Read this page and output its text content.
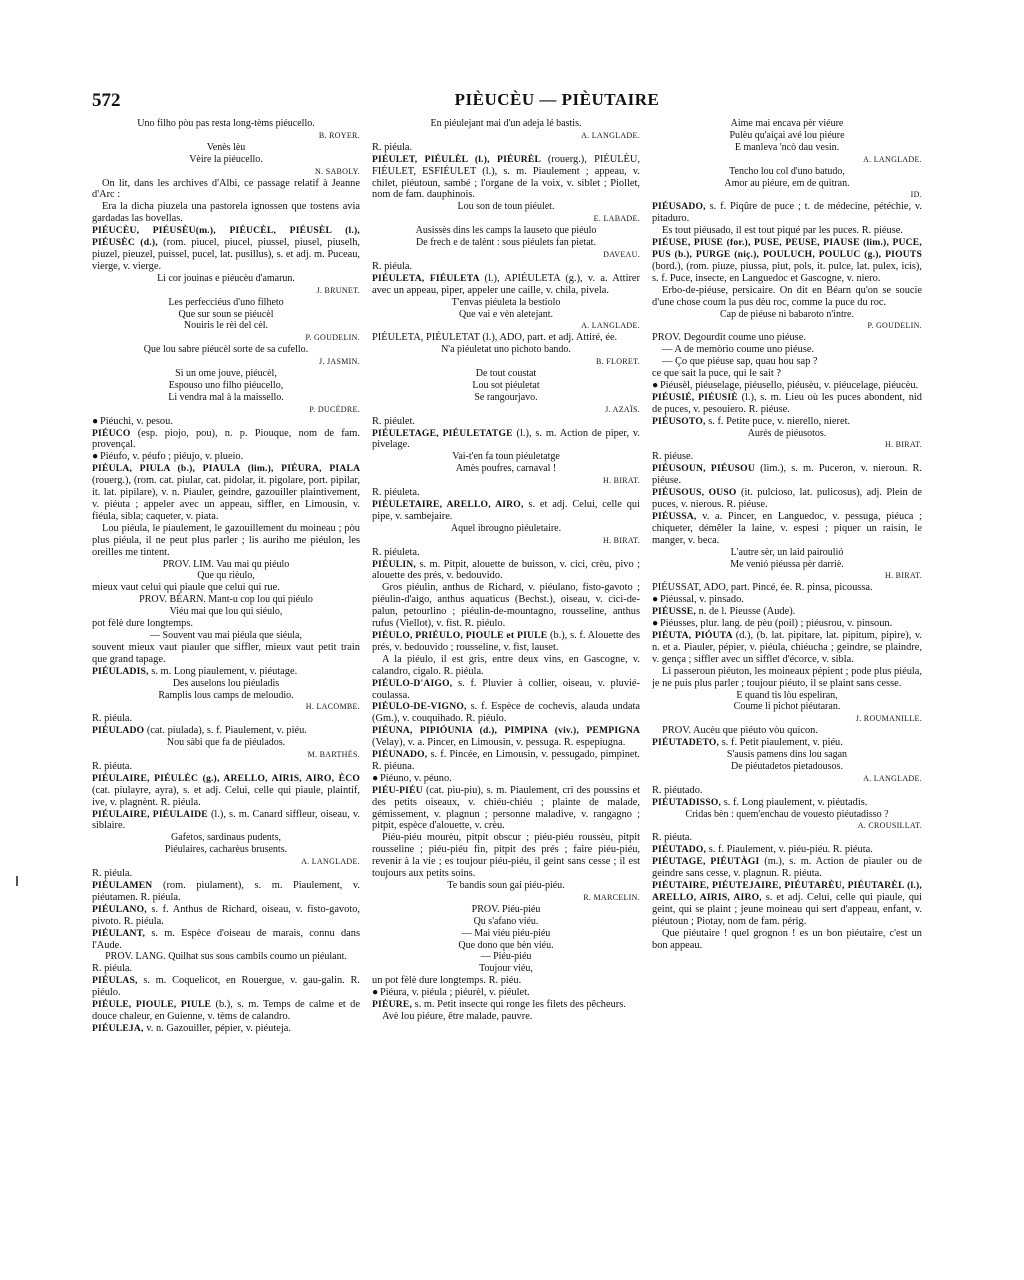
572	PIÈUCÈU — PIÈUTAIRE

Uno filho pòu pas resta long-tèms piéucello.

B. ROYER.

Venès lèu

Vèire la piéucello.

N. SABOLY.

On lit, dans les archives d'Albi, ce passage relatif à Jeanne d'Arc :

Era la dicha piuzela una pastorela ignossen que tostens avia gardadas las bovellas.

PIÉUCÈU, PIÉUSÈU(m.), PIÉUCÈL, PIÉUSÈL (l.), PIÉUSÈC (d.), (rom. piucel, piucel, piussel, piusel, piuselh, piuzel, pieuzel, puissel, pucel, lat. pusillus), s. et adj. m. Puceau, vierge, v. vierge.

Li cor jouinas e piéucèu d'amarun.

J. BRUNET.

Les perfecciéus d'uno filheto

Que sur soun se piéucèl

Nouiris le rèi del cèl.

P. GOUDELIN.

Que lou sabre piéucèl sorte de sa cufello.

J. JASMIN.

Si un ome jouve, piéucèl,

Espouso uno filho piéucello,

Li vendra mal à la maissello.

P. DUCÈDRE.

● Piéuchi, v. pesou.

PIÉUCO (esp. piojo, pou), n. p. Piouque, nom de fam. provençal.

● Piéufo, v. péufo ; piéujo, v. plueio.

PIÉULA, PIULA (b.), PIAULA (lim.), PIÉURA, PIALA (rouerg.), (rom. cat. piular, cat. pidolar, it. pigolare, port. pipilar, it. lat. pipilare), v. n. Piauler, geindre, gazouiller plaintivement, v. piéuta ; appeler avec un appeau, siffler, en Limousin, v. fiéula, sibla; caqueter, v. piata.

Lou piéula, le piaulement, le gazouillement du moineau ; pòu plus piéula, il ne peut plus parler ; lis auriho me piéulon, les oreilles me tintent.

PROV. LIM. Vau mai qu piéulo

Que qu rièulo,

mieux vaut celui qui piaule que celui qui rue.

PROV. BÉARN. Mant-u cop lou qui piéulo

Viéu mai que lou qui siéulo,

pot fèlè dure longtemps.

— Souvent vau mai piéula que siéula,

souvent mieux vaut piauler que siffler, mieux vaut petit train que grand tapage.

PIÉULADIS, s. m. Long piaulement, v. piéutage.

Des auselons lou piéuladis

Ramplis lous camps de meloudio.

H. LACOMBE.

R. piéula.

PIÉULADO (cat. piulada), s. f. Piaulement, v. piéu.

Nou sàbi que fa de piéulados.

M. BARTHÉS.

R. piéuta.

PIÉULAIRE, PIÉULÈC (g.), ARELLO, AIRIS, AIRO, ÈCO (cat. piulayre, ayra), s. et adj. Celui, celle qui piaule, plaintif, ive, v. plagnènt. R. piéula.

PIÉULAIRE, PIÉULAIDE (l.), s. m. Canard siffleur, oiseau, v. siblaire.

Gafetos, sardinaus pudents,

Piéulaires, cacharèus brusents.

A. LANGLADE.

R. piéula.

PIÉULAMEN (rom. piulament), s. m. Piaulement, v. piéutamen. R. piéula.

PIÉULANO, s. f. Anthus de Richard, oiseau, v. fisto-gavoto, pivoto. R. piéula.

PIÉULANT, s. m. Espèce d'oiseau de marais, connu dans l'Aude.

PROV. LANG. Quilhat sus sous cambils coumo un piéulant.

R. piéula.

PIÉULAS, s. m. Coquelicot, en Rouergue, v. gau-galin. R. piéulo.

PIÉULE, PIOULE, PIULE (b.), s. m. Temps de calme et de douce chaleur, en Guienne, v. tèms de calandro.

PIÉULEJA, v. n. Gazouiller, pépier, v. piéuteja.

En piéulejant mai d'un adeja lé bastis.

A. LANGLADE.

R. piéula.

PIÉULET, PIÉULÈL (l.), PIÉURÈL (rouerg.), PIÉULÈU, FIÉULET, ESFIÉULET (l.), s. m. Piaulement ; appeau, v. chilet, piéutoun, sambé ; l'organe de la voix, v. siblet ; Piollet, nom de fam. dauphinois.

Lou son de toun piéulet.

E. LABADE.

Ausissès dins les camps la lauseto que piéulo

De frech e de talènt : sous piéulets fan pietat.

DAVEAU.

R. piéula.

PIÉULETA, FIÉULETA (l.), APIÉULETA (g.), v. a. Attirer avec un appeau, piper, appeler une caille, v. chila, pivela.

T'envas piéuleta la bestiolo

Que vai e vèn aletejant.

A. LANGLADE.

PIÉULETA, PIÉULETAT (l.), ADO, part. et adj. Attiré, ée.

N'a piéuletat uno pichoto bando.

B. FLORET.

De tout coustat

Lou sot piéuletat

Se rangourjavo.

J. AZAÏS.

R. piéulet.

PIÉULETAGE, PIÉULETATGE (l.), s. m. Action de piper, v. pivelage.

Vai-t'en fa toun piéuletatge

Amès poufres, carnaval !

H. BIRAT.

R. piéuleta.

PIÉULETAIRE, ARELLO, AIRO, s. et adj. Celui, celle qui pipe, v. sambejaire.

Aquel ibrougno piéuletaire.

H. BIRAT.

R. piéuleta.

PIÉULIN, s. m. Pitpit, alouette de buisson, v. cici, crèu, pivo ; alouette des prés, v. bedouvido.

Gros piéulin, anthus de Richard, v. piéulano, fisto-gavoto ; piéulin-d'aigo, anthus aquaticus (Bechst.), oiseau, v. cici-de-palun, petourlino ; piéulin-de-mountagno, rousseline, anthus rufus (Viellot), v. fist. R. piéulo.

PIÉULO, PRIÉULO, PIOULE et PIULE (b.), s. f. Alouette des prés, v. bedouvido ; rousseline, v. fist, lauset.

A la piéulo, il est gris, entre deux vins, en Gascogne, v. calandro, cigalo. R. piéula.

PIÉULO-D'AIGO, s. f. Pluvier à collier, oiseau, v. pluvié-coulassa.

PIÉULO-DE-VIGNO, s. f. Espèce de cochevis, alauda undata (Gm.), v. couquihado. R. piéulo.

PIÉUNA, PIPIÓUNIA (d.), PIMPINA (viv.), PEMPIGNA (Velay), v. a. Pincer, en Limousin, v. pessuga. R. espepiugna.

PIÉUNADO, s. f. Pincée, en Limousin, v. pessugado, pimpinet. R. piéuna.

● Piéuno, v. péuno.

PIÉU-PIÉU (cat. piu-piu), s. m. Piaulement, cri des poussins et des petits oiseaux, v. chiéu-chiéu ; plainte de malade, gémissement, v. plagnun ; personne maladive, v. rangagno ; pitpit, espèce d'alouette, v. crèu.

Piéu-piéu mourèu, pitpit obscur ; piéu-piéu roussèu, pitpit rousseline ; piéu-piéu fin, pitpit des prés ; faire piéu-piéu, revenir à la vie ; es toujour piéu-piéu, il geint sans cesse ; il est toujours aux petits soins.

Te bandis soun gai piéu-piéu.

R. MARCELIN.

PROV. Piéu-piéu

Qu s'afano viéu.

— Mai viéu piéu-piéu

Que dono que bèn viéu.

— Piéu-piéu

Toujour viéu,

un pot fèlè dure longtemps. R. piéu.

● Piéura, v. piéula ; piéurèl, v. piéulet.

PIÉURE, s. m. Petit insecte qui ronge les filets des pêcheurs.

Avè lou piéure, être malade, pauvre.

Aime mai encava pèr viéure

Pulèu qu'aiçai avé lou piéure

E manleva 'ncò dau vesin.

A. LANGLADE.

Tencho lou col d'uno batudo,

Amor au piéure, em de quitran.

ID.

PIÉUSADO, s. f. Piqûre de puce ; t. de médecine, pétéchie, v. pitaduro.

Es tout piéusado, il est tout piqué par les puces. R. piéuse.

PIÉUSE, PIUSE (for.), PUSE, PEUSE, PIAUSE (lim.), PUCE, PUS (b.), PURGE (niç.), POULUCH, POULUC (g.), PIOUTS (bord.), (rom. piuze, piussa, piut, pols, it. pulce, lat. pulex, icis), s. f. Puce, insecte, en Languedoc et Gascogne, v. niero.

Erbo-de-piéuse, persicaire. On dit en Béarn qu'on se soucie d'une chose coum la pus dèu roc, comme la puce du roc.

Cap de piéuse ni babaroto n'intre.

P. GOUDELIN.

PROV. Degourdit coume uno piéuse.

— A de memòrio coume uno piéuse.

— Ço que piéuse sap, quau hou sap ?

ce que sait la puce, qui le sait ?

● Piéusèl, piéuselage, piéusello, piéusèu, v. piéucelage, piéucèu.

PIÉUSIÉ, PIÉUSIÈ (l.), s. m. Lieu où les puces abondent, nid de puces, v. pesouiero. R. piéuse.

PIÉUSOTO, s. f. Petite puce, v. nierello, nieret.

Aurés de piéusotos.

H. BIRAT.

R. piéuse.

PIÉUSOUN, PIÉUSOU (lim.), s. m. Puceron, v. nieroun. R. piéuse.

PIÉUSOUS, OUSO (it. pulcioso, lat. pulicosus), adj. Plein de puces, v. nierous. R. piéuse.

PIÉUSSA, v. a. Pincer, en Languedoc, v. pessuga, piéuca ; chiqueter, démêler la laine, v. espesi ; piquer un raisin, le manger, v. beca.

L'autre sèr, un laid pairoulió

Me venió piéussa pèr darriè.

H. BIRAT.

PIÉUSSAT, ADO, part. Pincé, ée. R. pinsa, picoussa.

● Piéussal, v. pinsado.

PIÉUSSE, n. de l. Pieusse (Aude).

● Piéusses, plur. lang. de pèu (poil) ; piéusrou, v. pinsoun.

PIÉUTA, PIÓUTA (d.), (b. lat. pipitare, lat. pipitum, pipire), v. n. et a. Piauler, pépier, v. piéula, chiéucha ; geindre, se plaindre, v. gença ; siffler avec un sifflet d'écorce, v. sibla.

Li passeroun piéuton, les moineaux pépient ; pode plus piéula, je ne puis plus parler ; toujour piéuto, il se plaint sans cesse.

E quand tis lòu espeliran,

Coume li pichot piéutaran.

J. ROUMANILLE.

PROV. Aucèu que piéuto vòu quicon.

PIÉUTADETO, s. f. Petit piaulement, v. piéu.

S'ausis pamens dins lou sagan

De piéutadetos pietadousos.

A. LANGLADE.

R. piéutado.

PIÉUTADISSO, s. f. Long piaulement, v. piéutadis.

Cridas bèn : quem'enchau de vouesto piéutadisso ?

A. CROUSILLAT.

R. piéuta.

PIÉUTADO, s. f. Piaulement, v. piéu-piéu. R. piéuta.

PIÉUTAGE, PIÉUTÀGI (m.), s. m. Action de piauler ou de geindre sans cesse, v. plagnun. R. piéuta.

PIÉUTAIRE, PIÉUTEJAIRE, PIÉUTARÈU, PIÉUTARÈL (l.), ARELLO, AIRIS, AIRO, s. et adj. Celui, celle qui piaule, qui geint, qui se plaint ; jeune moineau qui sert d'appeau, enfant, v. piéutoun ; Piotay, nom de fam. périg.

Que piéutaire ! quel grognon ! es un bon piéutaire, c'est un bon appeau.
